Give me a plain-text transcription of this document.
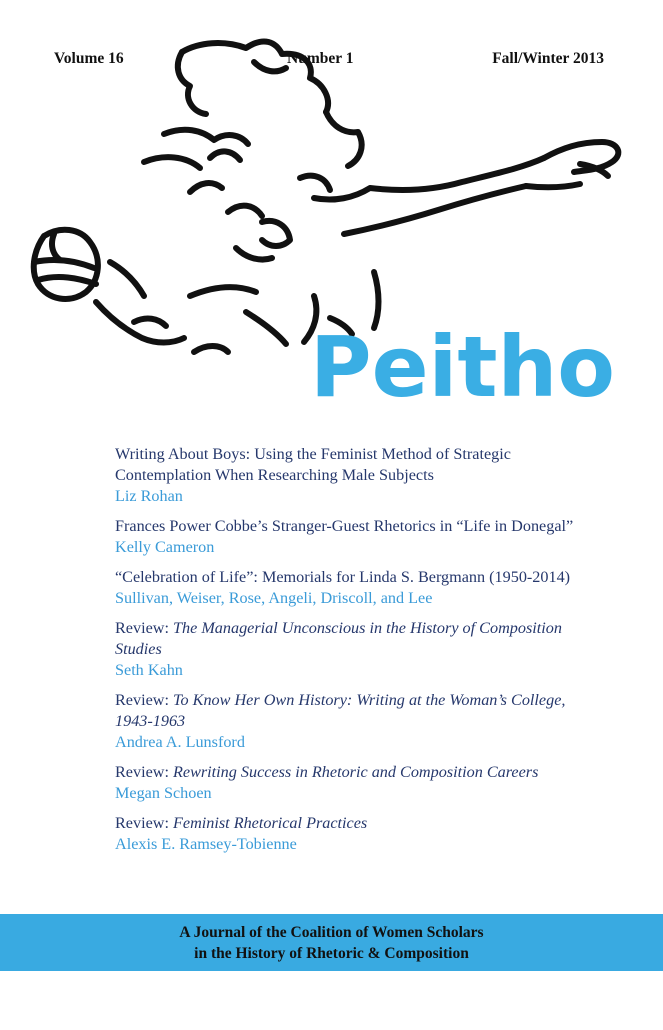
Volume 16	Number 1	Fall/Winter 2013
Peitho
Writing About Boys: Using the Feminist Method of Strategic Contemplation When Researching Male Subjects
Liz Rohan
Frances Power Cobbe’s Stranger-Guest Rhetorics in “Life in Donegal”
Kelly Cameron
“Celebration of Life”: Memorials for Linda S. Bergmann (1950-2014)
Sullivan, Weiser, Rose, Angeli, Driscoll, and Lee
Review: The Managerial Unconscious in the History of Composition Studies
Seth Kahn
Review: To Know Her Own History: Writing at the Woman’s College, 1943-1963
Andrea A. Lunsford
Review: Rewriting Success in Rhetoric and Composition Careers
Megan Schoen
Review: Feminist Rhetorical Practices
Alexis E. Ramsey-Tobienne
A Journal of the Coalition of Women Scholars
in the History of Rhetoric & Composition
